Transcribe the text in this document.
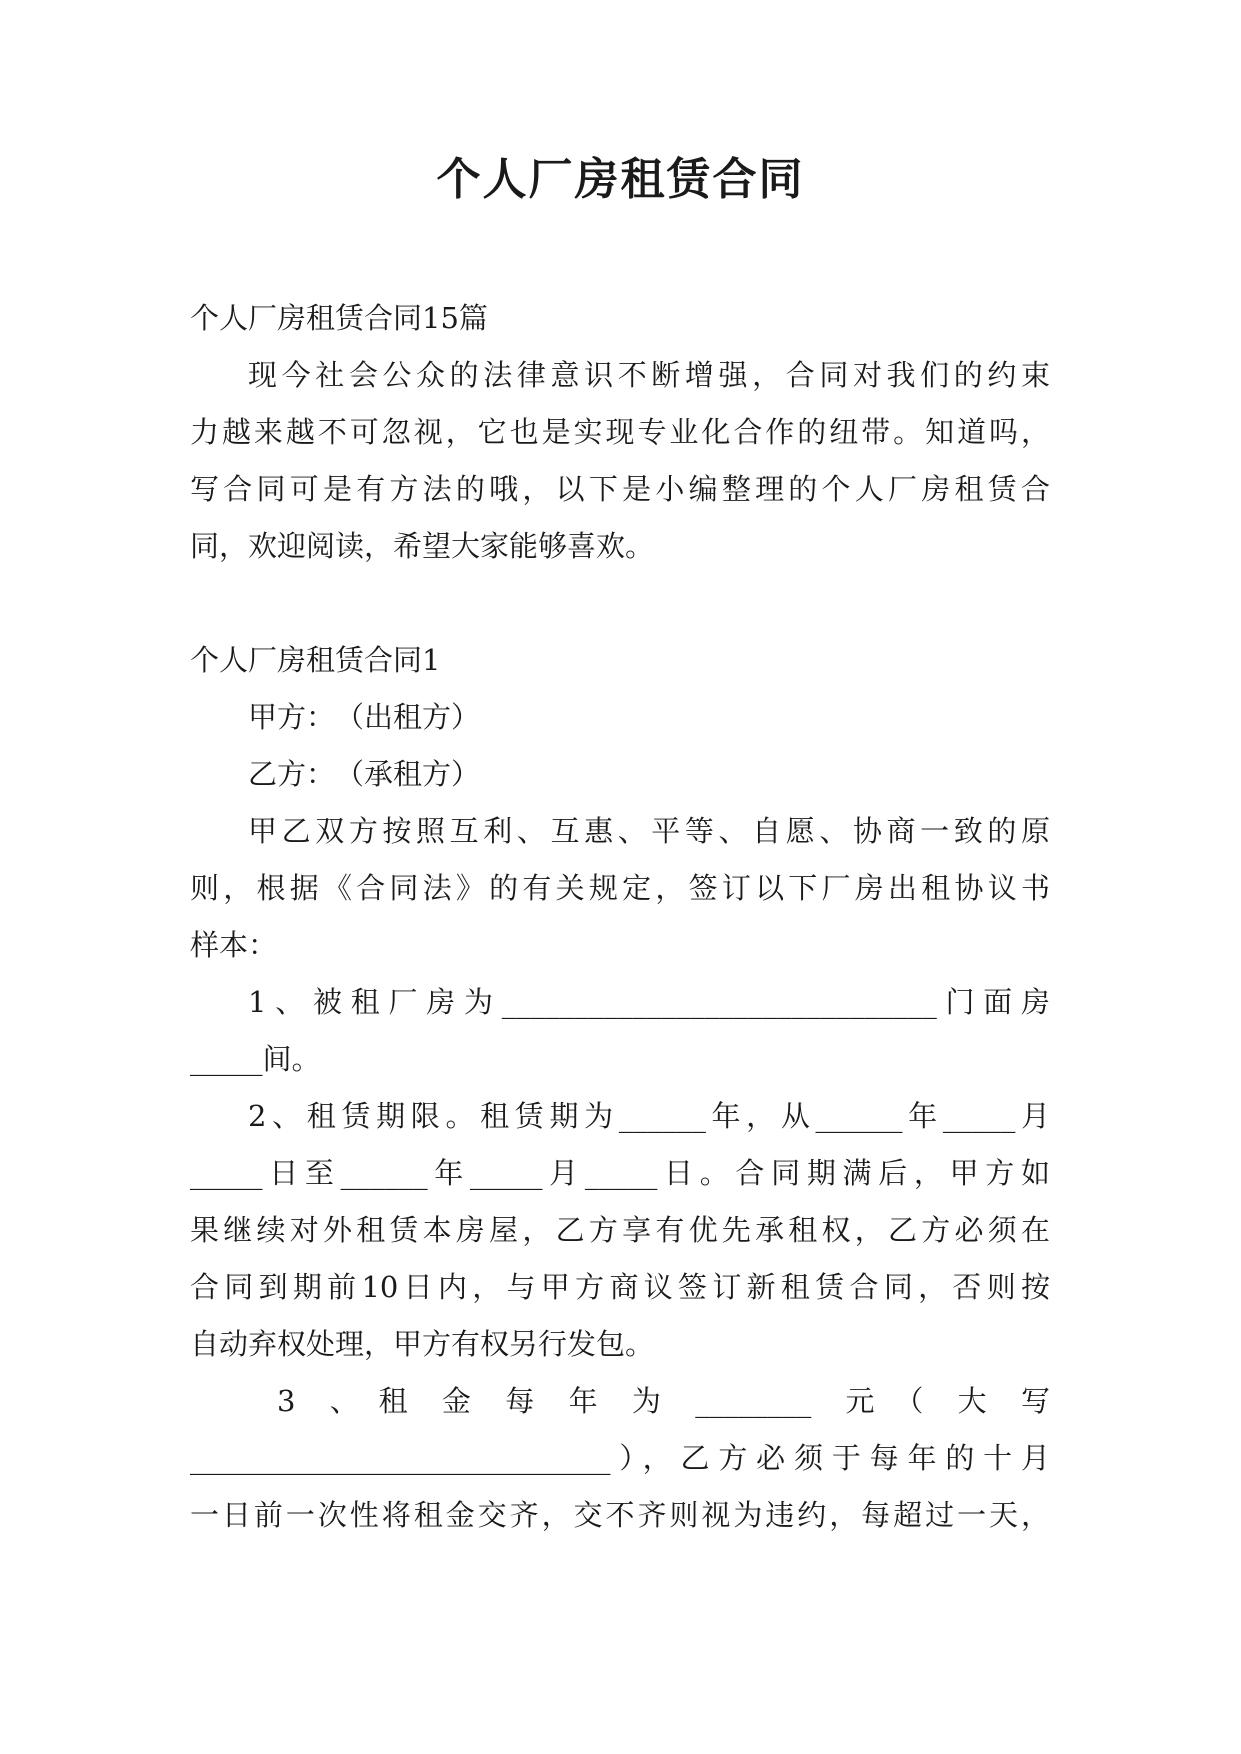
个人厂房租赁合同

个人厂房租赁合同15篇

现今社会公众的法律意识不断增强，合同对我们的约束

力越来越不可忽视，它也是实现专业化合作的纽带。知道吗，

写合同可是有方法的哦，以下是小编整理的个人厂房租赁合

同，欢迎阅读，希望大家能够喜欢。

个人厂房租赁合同1

甲方：　（出租方）

乙方：　（承租方）

甲乙双方按照互利、互惠、平等、自愿、协商一致的原

则，根据《合同法》的有关规定，签订以下厂房出租协议书

样本：

1、被租厂房为______________________________门面房

_____间。

2、租赁期限。租赁期为______年，从______年_____月

_____日至______年_____月_____日。合同期满后，甲方如

果继续对外租赁本房屋，乙方享有优先承租权，乙方必须在

合同到期前10日内，与甲方商议签订新租赁合同，否则按

自动弃权处理，甲方有权另行发包。

3　、　租　金　每　年　为　________　元　（　大　写

_____________________________），乙方必须于每年的十月

一日前一次性将租金交齐，交不齐则视为违约，每超过一天，
